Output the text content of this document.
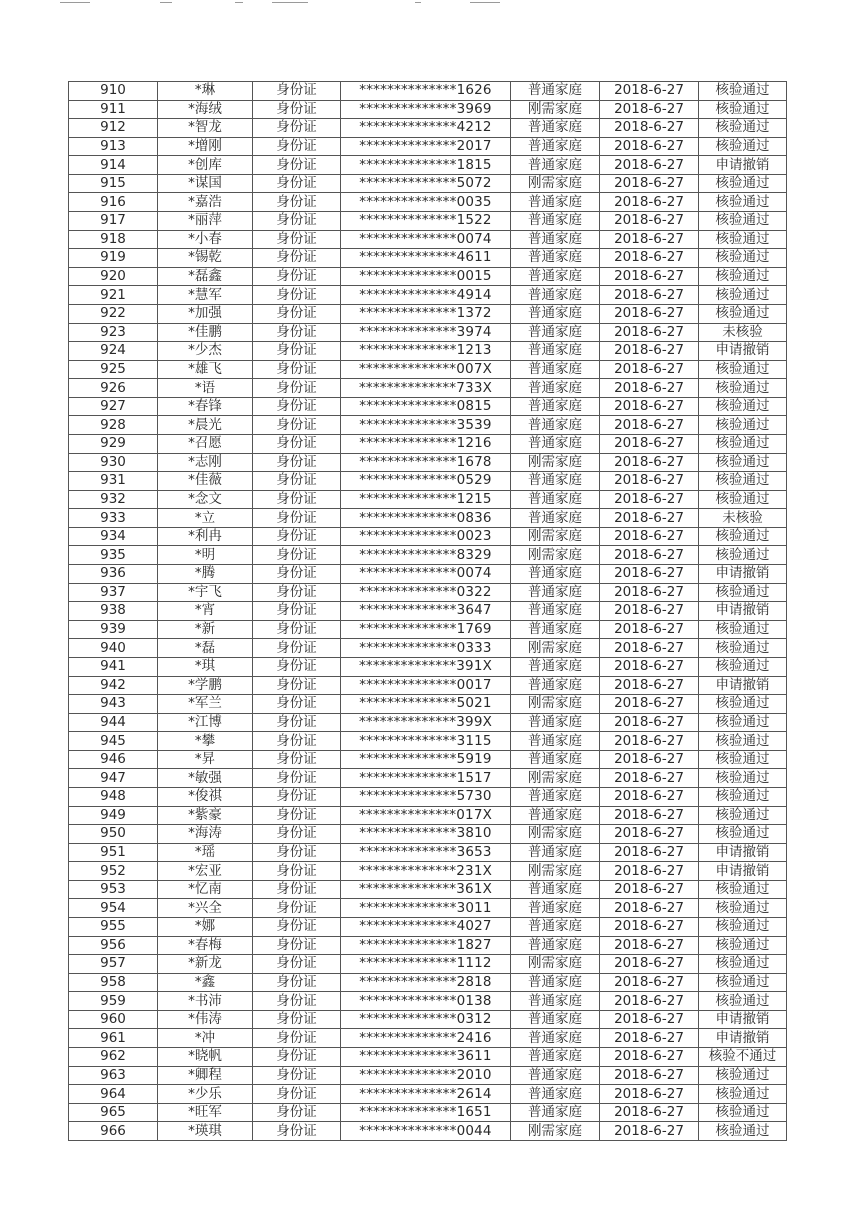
910	*琳	身份证	**************1626	普通家庭	2018-6-27	核验通过
911	*海绒	身份证	**************3969	刚需家庭	2018-6-27	核验通过
912	*智龙	身份证	**************4212	普通家庭	2018-6-27	核验通过
913	*增刚	身份证	**************2017	普通家庭	2018-6-27	核验通过
914	*创库	身份证	**************1815	普通家庭	2018-6-27	申请撤销
915	*谋国	身份证	**************5072	刚需家庭	2018-6-27	核验通过
916	*嘉浩	身份证	**************0035	普通家庭	2018-6-27	核验通过
917	*丽萍	身份证	**************1522	普通家庭	2018-6-27	核验通过
918	*小春	身份证	**************0074	普通家庭	2018-6-27	核验通过
919	*锡乾	身份证	**************4611	普通家庭	2018-6-27	核验通过
920	*磊鑫	身份证	**************0015	普通家庭	2018-6-27	核验通过
921	*慧军	身份证	**************4914	普通家庭	2018-6-27	核验通过
922	*加强	身份证	**************1372	普通家庭	2018-6-27	核验通过
923	*佳鹏	身份证	**************3974	普通家庭	2018-6-27	未核验
924	*少杰	身份证	**************1213	普通家庭	2018-6-27	申请撤销
925	*雄飞	身份证	**************007X	普通家庭	2018-6-27	核验通过
926	*语	身份证	**************733X	普通家庭	2018-6-27	核验通过
927	*春锋	身份证	**************0815	普通家庭	2018-6-27	核验通过
928	*晨光	身份证	**************3539	普通家庭	2018-6-27	核验通过
929	*召愿	身份证	**************1216	普通家庭	2018-6-27	核验通过
930	*志刚	身份证	**************1678	刚需家庭	2018-6-27	核验通过
931	*佳薇	身份证	**************0529	普通家庭	2018-6-27	核验通过
932	*念文	身份证	**************1215	普通家庭	2018-6-27	核验通过
933	*立	身份证	**************0836	普通家庭	2018-6-27	未核验
934	*利冉	身份证	**************0023	刚需家庭	2018-6-27	核验通过
935	*明	身份证	**************8329	刚需家庭	2018-6-27	核验通过
936	*腾	身份证	**************0074	普通家庭	2018-6-27	申请撤销
937	*宇飞	身份证	**************0322	普通家庭	2018-6-27	核验通过
938	*宵	身份证	**************3647	普通家庭	2018-6-27	申请撤销
939	*新	身份证	**************1769	普通家庭	2018-6-27	核验通过
940	*磊	身份证	**************0333	刚需家庭	2018-6-27	核验通过
941	*琪	身份证	**************391X	普通家庭	2018-6-27	核验通过
942	*学鹏	身份证	**************0017	普通家庭	2018-6-27	申请撤销
943	*军兰	身份证	**************5021	刚需家庭	2018-6-27	核验通过
944	*江博	身份证	**************399X	普通家庭	2018-6-27	核验通过
945	*攀	身份证	**************3115	普通家庭	2018-6-27	核验通过
946	*昇	身份证	**************5919	普通家庭	2018-6-27	核验通过
947	*敏强	身份证	**************1517	刚需家庭	2018-6-27	核验通过
948	*俊祺	身份证	**************5730	普通家庭	2018-6-27	核验通过
949	*紫豪	身份证	**************017X	普通家庭	2018-6-27	核验通过
950	*海涛	身份证	**************3810	刚需家庭	2018-6-27	核验通过
951	*瑶	身份证	**************3653	普通家庭	2018-6-27	申请撤销
952	*宏亚	身份证	**************231X	刚需家庭	2018-6-27	申请撤销
953	*忆南	身份证	**************361X	普通家庭	2018-6-27	核验通过
954	*兴全	身份证	**************3011	普通家庭	2018-6-27	核验通过
955	*娜	身份证	**************4027	普通家庭	2018-6-27	核验通过
956	*春梅	身份证	**************1827	普通家庭	2018-6-27	核验通过
957	*新龙	身份证	**************1112	刚需家庭	2018-6-27	核验通过
958	*鑫	身份证	**************2818	普通家庭	2018-6-27	核验通过
959	*书沛	身份证	**************0138	普通家庭	2018-6-27	核验通过
960	*伟涛	身份证	**************0312	普通家庭	2018-6-27	申请撤销
961	*冲	身份证	**************2416	普通家庭	2018-6-27	申请撤销
962	*晓帆	身份证	**************3611	普通家庭	2018-6-27	核验不通过
963	*卿程	身份证	**************2010	普通家庭	2018-6-27	核验通过
964	*少乐	身份证	**************2614	普通家庭	2018-6-27	核验通过
965	*旺军	身份证	**************1651	普通家庭	2018-6-27	核验通过
966	*瑛琪	身份证	**************0044	刚需家庭	2018-6-27	核验通过
